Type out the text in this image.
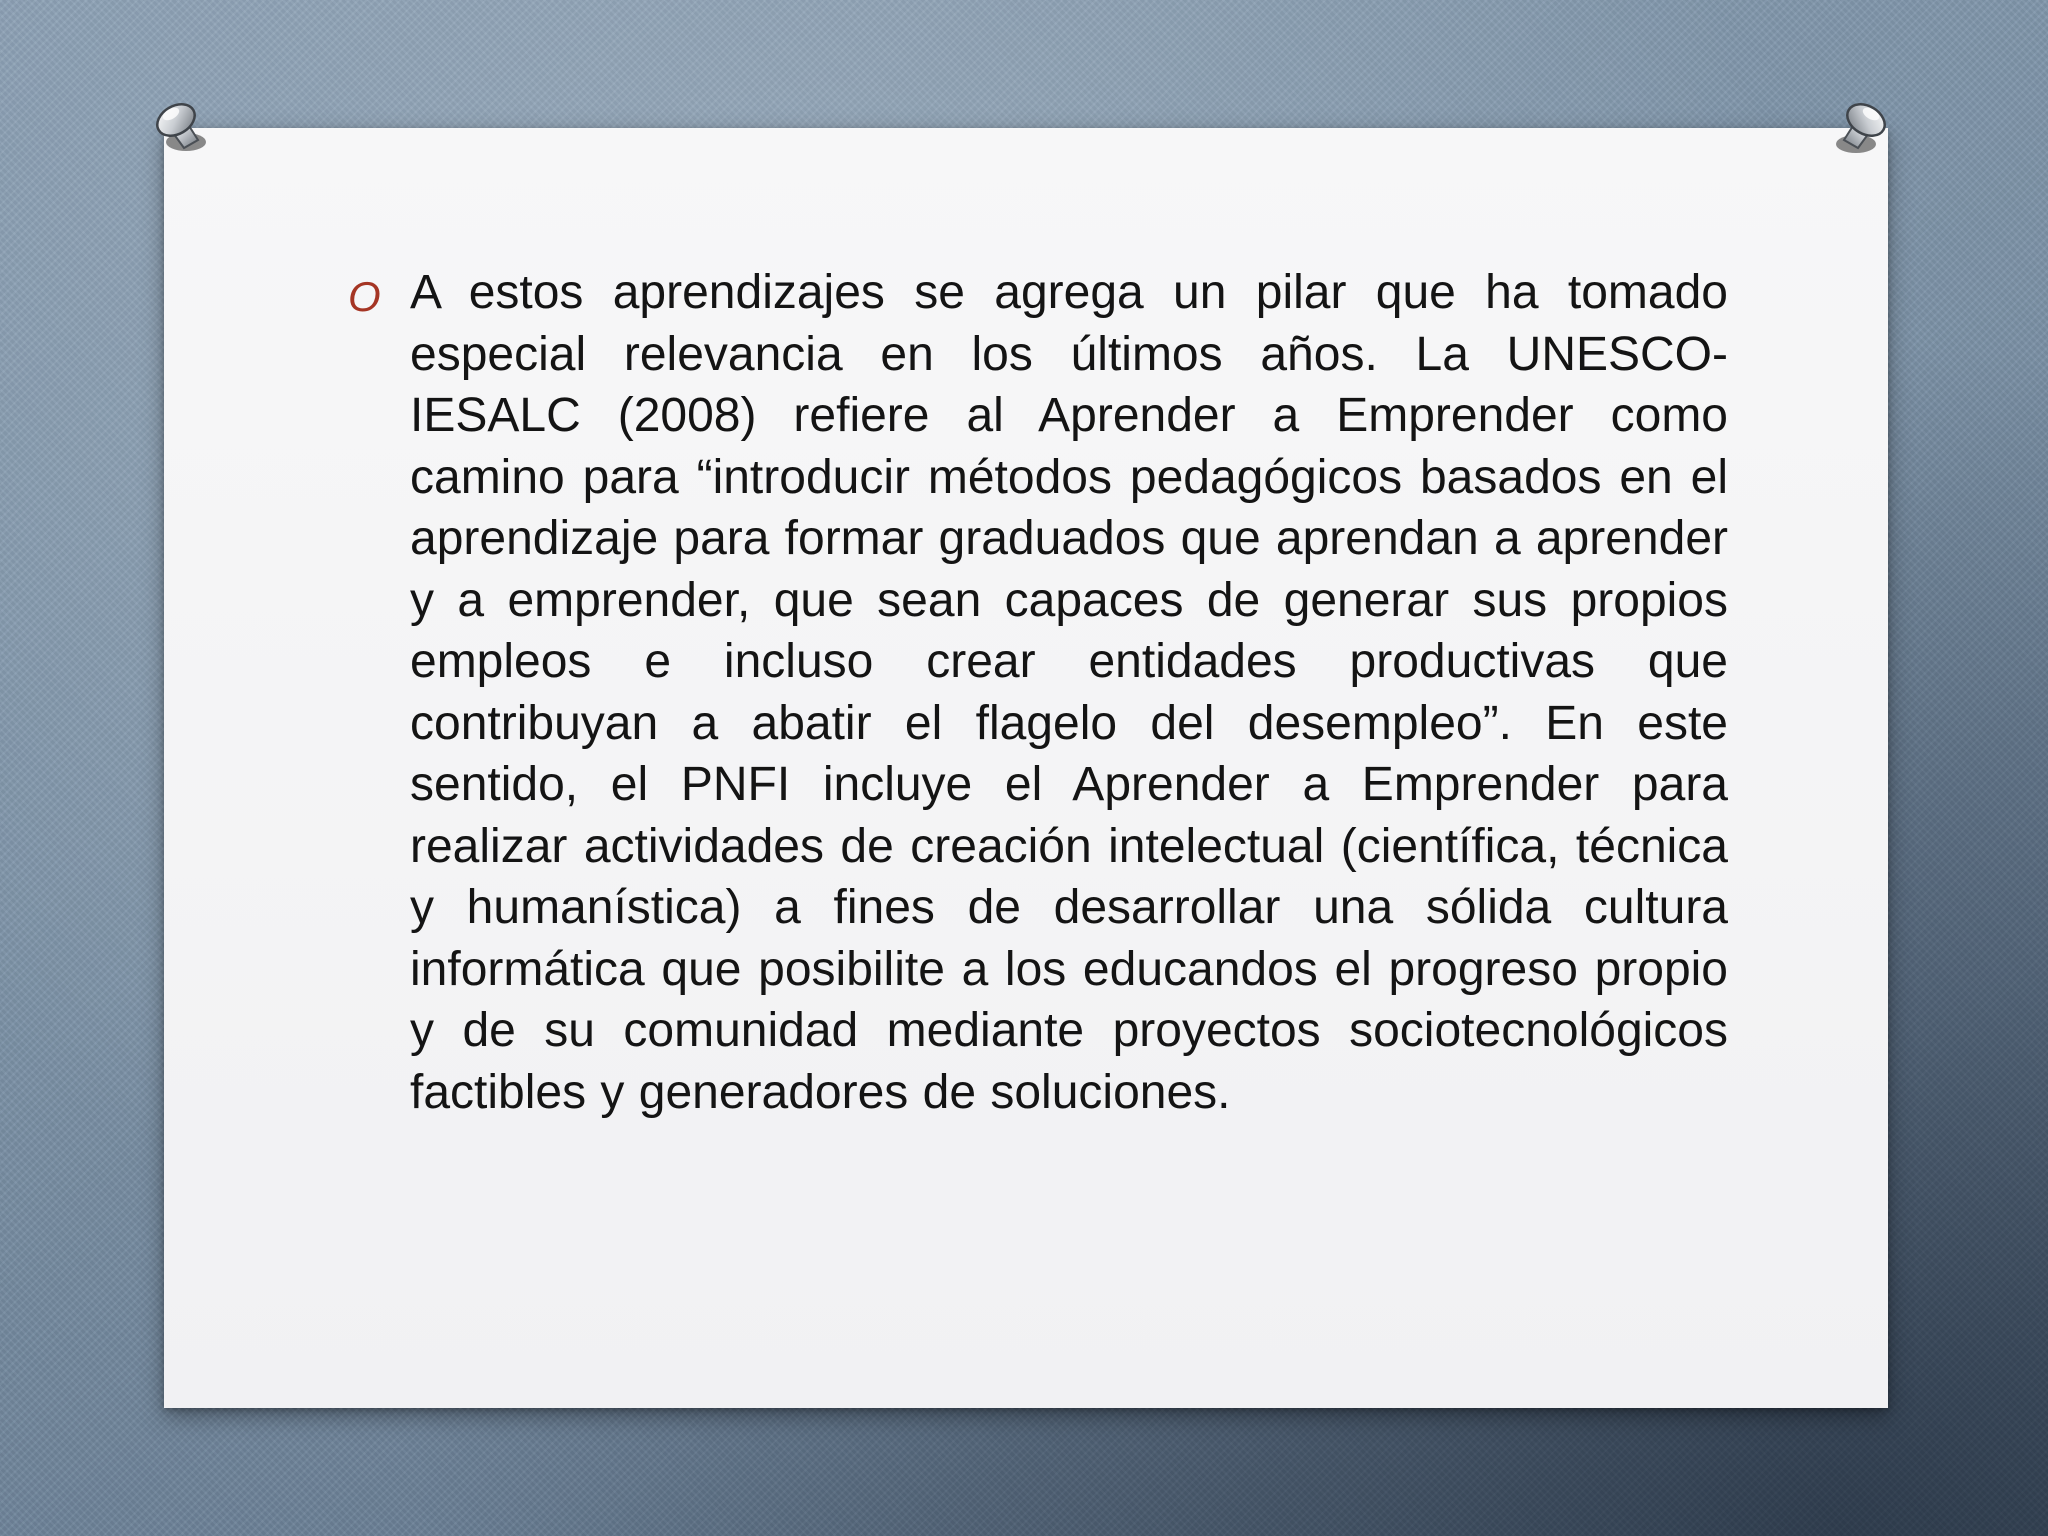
O A estos aprendizajes se agrega un pilar que ha tomado especial relevancia en los últimos años. La UNESCO-IESALC (2008) refiere al Aprender a Emprender como camino para “introducir métodos pedagógicos basados en el aprendizaje para formar graduados que aprendan a aprender y a emprender, que sean capaces de generar sus propios empleos e incluso crear entidades productivas que contribuyan a abatir el flagelo del desempleo”. En este sentido, el PNFI incluye el Aprender a Emprender para realizar actividades de creación intelectual (científica, técnica y humanística) a fines de desarrollar una sólida cultura informática que posibilite a los educandos el progreso propio y de su comunidad mediante proyectos sociotecnológicos factibles y generadores de soluciones.
